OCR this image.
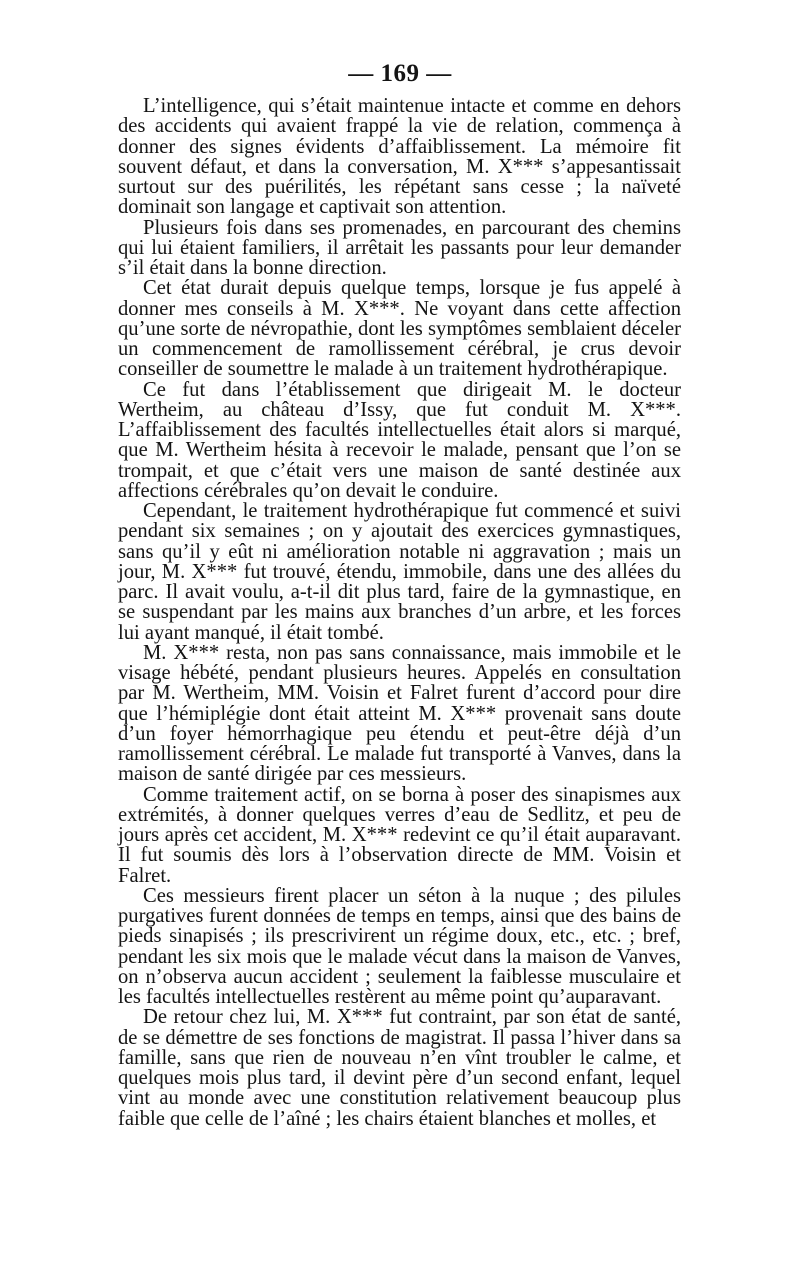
— 169 —

L’intelligence, qui s’était maintenue intacte et comme en dehors des accidents qui avaient frappé la vie de relation, commença à donner des signes évidents d’affaiblissement. La mémoire fit souvent défaut, et dans la conversation, M. X*** s’appesantissait surtout sur des puérilités, les répétant sans cesse ; la naïveté dominait son langage et captivait son attention.

Plusieurs fois dans ses promenades, en parcourant des chemins qui lui étaient familiers, il arrêtait les passants pour leur demander s’il était dans la bonne direction.

Cet état durait depuis quelque temps, lorsque je fus appelé à donner mes conseils à M. X***. Ne voyant dans cette affection qu’une sorte de névropathie, dont les symptômes semblaient déceler un commencement de ramollissement cérébral, je crus devoir conseiller de soumettre le malade à un traitement hydrothérapique.

Ce fut dans l’établissement que dirigeait M. le docteur Wertheim, au château d’Issy, que fut conduit M. X***. L’affaiblissement des facultés intellectuelles était alors si marqué, que M. Wertheim hésita à recevoir le malade, pensant que l’on se trompait, et que c’était vers une maison de santé destinée aux affections cérébrales qu’on devait le conduire.

Cependant, le traitement hydrothérapique fut commencé et suivi pendant six semaines ; on y ajoutait des exercices gymnastiques, sans qu’il y eût ni amélioration notable ni aggravation ; mais un jour, M. X*** fut trouvé, étendu, immobile, dans une des allées du parc. Il avait voulu, a-t-il dit plus tard, faire de la gymnastique, en se suspendant par les mains aux branches d’un arbre, et les forces lui ayant manqué, il était tombé.

M. X*** resta, non pas sans connaissance, mais immobile et le visage hébété, pendant plusieurs heures. Appelés en consultation par M. Wertheim, MM. Voisin et Falret furent d’accord pour dire que l’hémiplégie dont était atteint M. X*** provenait sans doute d’un foyer hémorrhagique peu étendu et peut-être déjà d’un ramollissement cérébral. Le malade fut transporté à Vanves, dans la maison de santé dirigée par ces messieurs.

Comme traitement actif, on se borna à poser des sinapismes aux extrémités, à donner quelques verres d’eau de Sedlitz, et peu de jours après cet accident, M. X*** redevint ce qu’il était auparavant. Il fut soumis dès lors à l’observation directe de MM. Voisin et Falret.

Ces messieurs firent placer un séton à la nuque ; des pilules purgatives furent données de temps en temps, ainsi que des bains de pieds sinapisés ; ils prescrivirent un régime doux, etc., etc. ; bref, pendant les six mois que le malade vécut dans la maison de Vanves, on n’observa aucun accident ; seulement la faiblesse musculaire et les facultés intellectuelles restèrent au même point qu’auparavant.

De retour chez lui, M. X*** fut contraint, par son état de santé, de se démettre de ses fonctions de magistrat. Il passa l’hiver dans sa famille, sans que rien de nouveau n’en vînt troubler le calme, et quelques mois plus tard, il devint père d’un second enfant, lequel vint au monde avec une constitution relativement beaucoup plus faible que celle de l’aîné ; les chairs étaient blanches et molles, et
